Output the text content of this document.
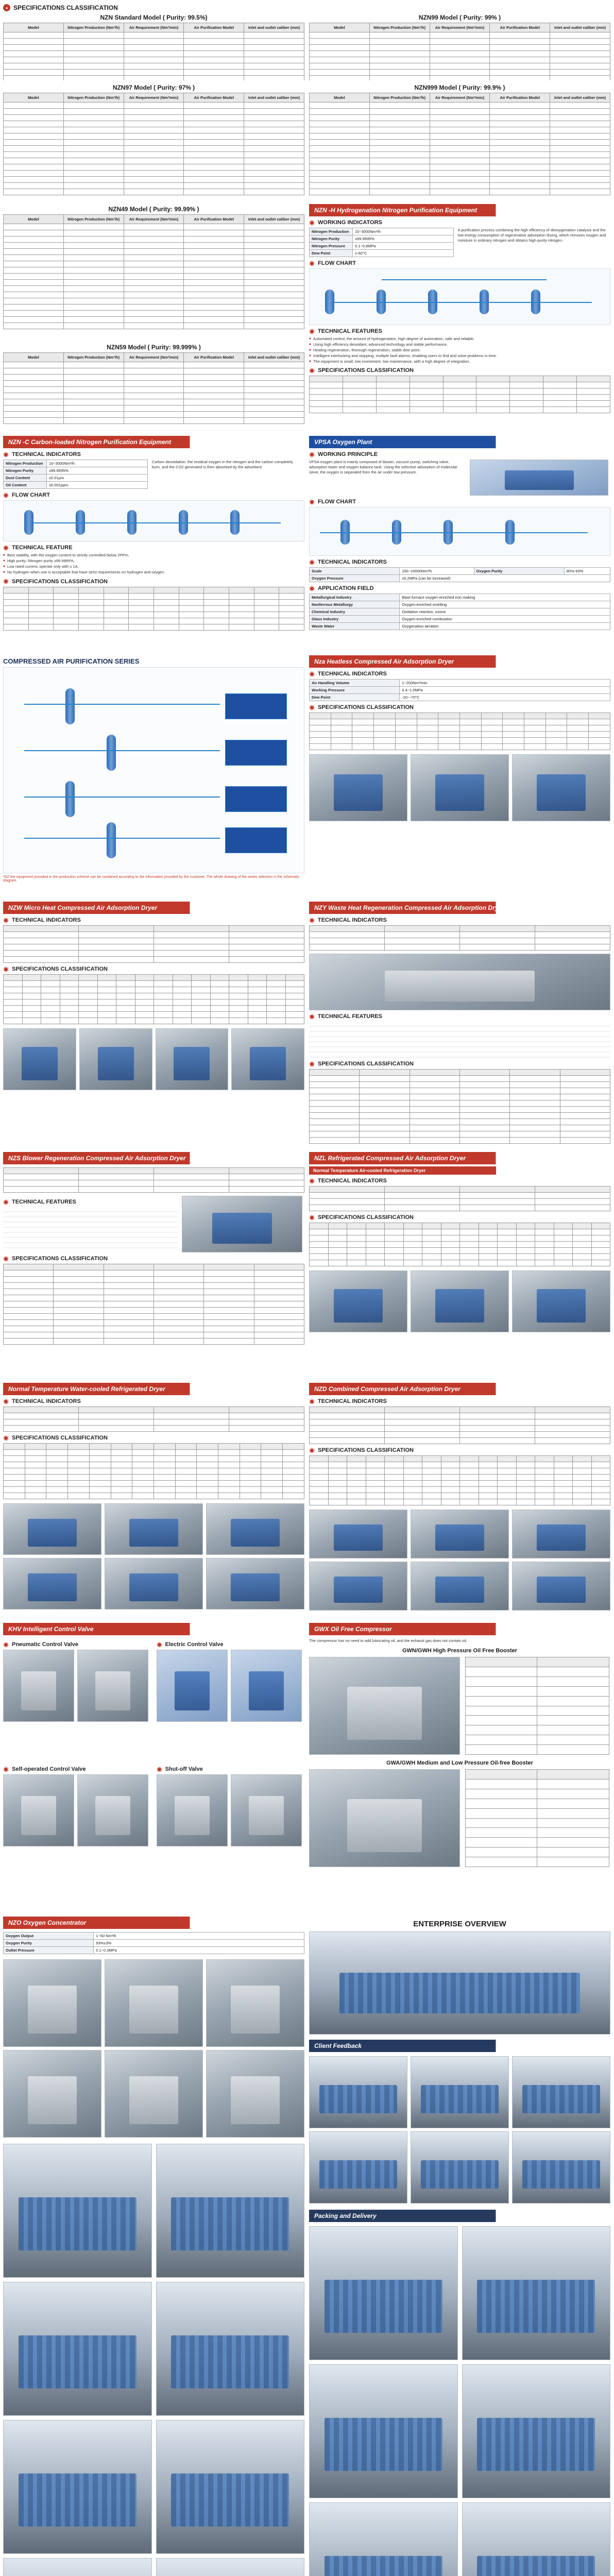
● SPECIFICATIONS CLASSIFICATION
NZN Standard Model ( Purity: 99.5%)
Model	Nitrogen Production (Nm³/h)	Air Requirement (Nm³/min)	Air Purification Model	Inlet and outlet caliber (mm)

NZN99 Model ( Purity: 99% )
Model	Nitrogen Production (Nm³/h)	Air Requirement (Nm³/min)	Air Purification Model	Inlet and outlet caliber (mm)

NZN97 Model ( Purity: 97% )
Model	Nitrogen Production (Nm³/h)	Air Requirement (Nm³/min)	Air Purification Model	Inlet and outlet caliber (mm)

NZN999 Model ( Purity: 99.9% )
Model	Nitrogen Production (Nm³/h)	Air Requirement (Nm³/min)	Air Purification Model	Inlet and outlet caliber (mm)

NZN49 Model ( Purity: 99.99% )
Model	Nitrogen Production (Nm³/h)	Air Requirement (Nm³/min)	Air Purification Model	Inlet and outlet caliber (mm)

NZN59 Model ( Purity: 99.999% )
Model	Nitrogen Production (Nm³/h)	Air Requirement (Nm³/min)	Air Purification Model	Inlet and outlet caliber (mm)

NZN -H Hydrogenation Nitrogen Purification Equipment
WORKING INDICATORS
Nitrogen Production	10~3000Nm³/h
Nitrogen Purity	≥99.9995%
Nitrogen Pressure	0.1~0.8MPa
Dew Point	≤-60°C
A purification process combining the high efficiency of deoxygenation catalysis and the low energy consumption of regenerative adsorption drying, which removes oxygen and moisture in ordinary nitrogen and obtains high-purity nitrogen.
FLOW CHART
TECHNICAL FEATURES
■ Automated control, the amount of hydrogenation, high degree of automation, safe and reliable.
■ Using high efficiency deoxidant, advanced technology and stable performance.
■ Heating regeneration, thorough regeneration, stable dew point.
■ Intelligent interlocking and stopping, multiple fault alarms, enabling users to find and solve problems in time.
■ The equipment is small, low investment, low maintenance, with a high degree of integration.
SPECIFICATIONS CLASSIFICATION

NZN -C Carbon-loaded Nitrogen Purification Equipment
TECHNICAL INDICATORS
Nitrogen Production	10~3000Nm³/h
Nitrogen Purity	≥99.9995%
Dust Content	≤0.01µm
Oil Content	≤0.001ppm
Carbon deoxidation: the residual oxygen in the nitrogen and the carbon completely burn, and the CO2 generated is then absorbed by the adsorbent.
FLOW CHART
TECHNICAL FEATURE
■ Best stability, with the oxygen content to strictly controlled below 2PPm.
■ High purity: Nitrogen purity ≥99.9995%.
■ Low rated current, operate only with ≤ 1A.
■ No hydrogen when use is acceptable that have strict requirements on hydrogen and oxygen.
SPECIFICATIONS CLASSIFICATION

VPSA Oxygen Plant
WORKING PRINCIPLE
VPSA oxygen plant is mainly composed of blower, vacuum pump, switching valve, adsorption tower and oxygen balance tank. Using the selective adsorption of molecular sieve, the oxygen is separated from the air under low pressure.
FLOW CHART
TECHNICAL INDICATORS
Scale	100~10000Nm³/h	Oxygen Purity	80%-93%
Oxygen Pressure	≤0.2MPa (can be increased)		
APPLICATION FIELD
Metallurgical Industry	Blast furnace oxygen-enriched iron making
Nonferrous Metallurgy	Oxygen-enriched smelting
Chemical Industry	Oxidation reaction, ozone
Glass Industry	Oxygen-enriched combustion
Waste Water	Oxygenation aeration
COMPRESSED AIR PURIFICATION SERIES
*NZ the equipment provided in the production scheme can be combined according to the information provided by the customer. The whole drawing of the series selection is the schematic diagram.
Nza Heatless Compressed Air Adsorption Dryer
TECHNICAL INDICATORS
Air Handling Volume	1~200Nm³/min
Working Pressure	0.4~1.0MPa
Dew Point	-20~-70°C
SPECIFICATIONS CLASSIFICATION

NZW Micro Heat Compressed Air Adsorption Dryer
TECHNICAL INDICATORS

SPECIFICATIONS CLASSIFICATION

NZY Waste Heat Regeneration Compressed Air Adsorption Dryer
TECHNICAL INDICATORS

TECHNICAL FEATURES
SPECIFICATIONS CLASSIFICATION

NZS Blower Regeneration Compressed Air Adsorption Dryer

TECHNICAL FEATURES
SPECIFICATIONS CLASSIFICATION

NZL Refrigerated Compressed Air Adsorption Dryer
Normal Temperature Air-cooled Refrigeration Dryer
TECHNICAL INDICATORS

SPECIFICATIONS CLASSIFICATION

Normal Temperature Water-cooled Refrigerated Dryer
TECHNICAL INDICATORS

SPECIFICATIONS CLASSIFICATION

NZD Combined Compressed Air Adsorption Dryer
TECHNICAL INDICATORS

SPECIFICATIONS CLASSIFICATION

KHV Intelligent Control Valve
Pneumatic Control Valve	Electric Control Valve
Self-operated Control Valve	Shut-off Valve
GWX Oil Free Compressor
The compressor has no need to add lubricating oil, and the exhaust gas does not contain oil.
GWN/GWH High Pressure Oil Free Booster

GWA/GWH Medium and Low Pressure Oil-free Booster

NZO Oxygen Concentrator
Oxygen Output	1~50 Nm³/h
Oxygen Purity	93%±3%
Outlet Pressure	0.1~0.3MPa
ENTERPRISE OVERVIEW
Client Feedback
Packing and Delivery
